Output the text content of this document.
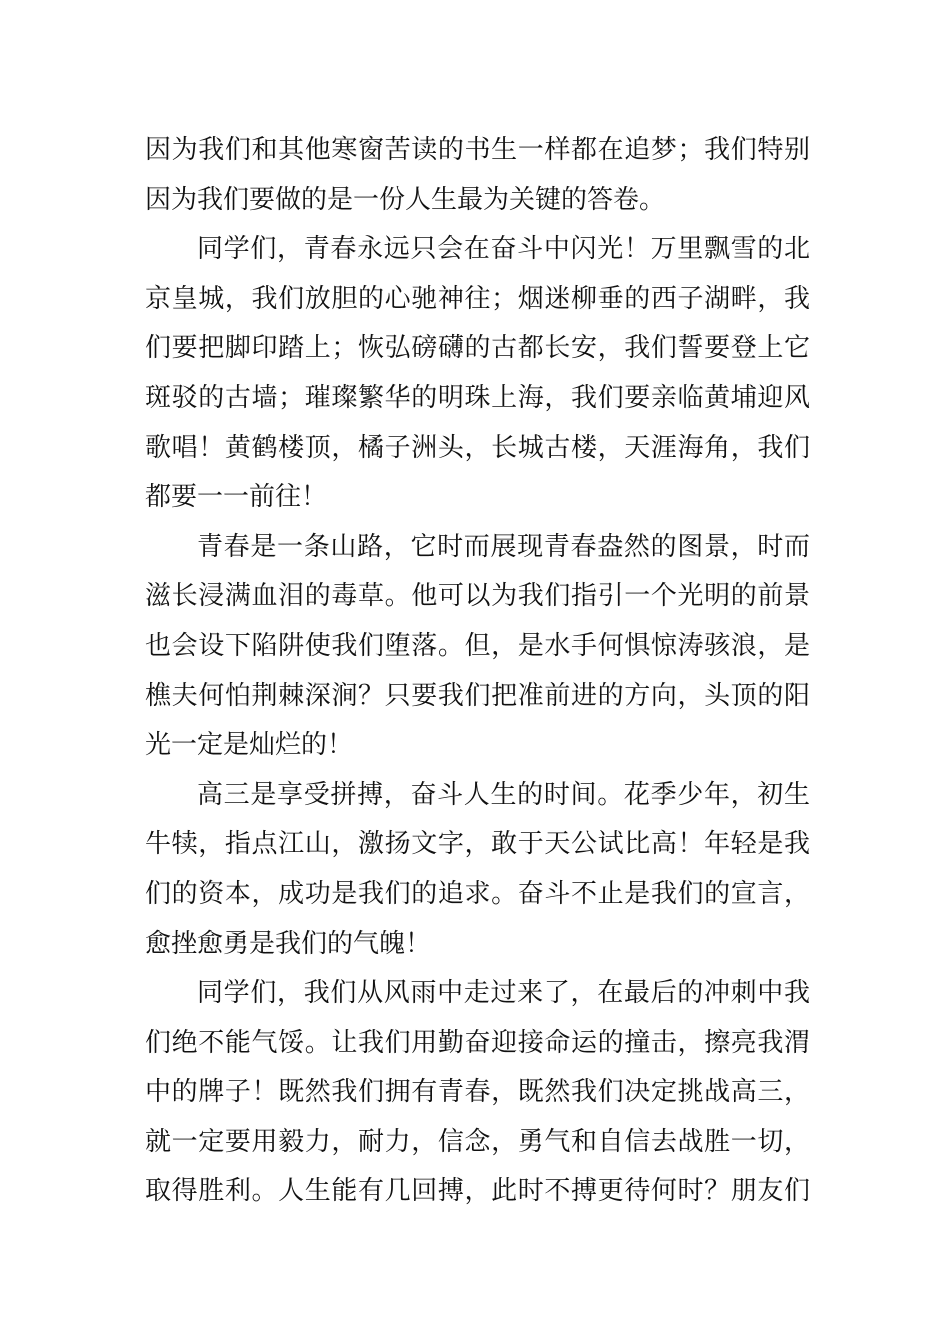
因为我们和其他寒窗苦读的书生一样都在追梦；我们特别
因为我们要做的是一份人生最为关键的答卷。
同学们，青春永远只会在奋斗中闪光！万里飘雪的北
京皇城，我们放胆的心驰神往；烟迷柳垂的西子湖畔，我
们要把脚印踏上；恢弘磅礴的古都长安，我们誓要登上它
斑驳的古墙；璀璨繁华的明珠上海，我们要亲临黄埔迎风
歌唱！黄鹤楼顶，橘子洲头，长城古楼，天涯海角，我们
都要一一前往！
青春是一条山路，它时而展现青春盎然的图景，时而
滋长浸满血泪的毒草。他可以为我们指引一个光明的前景
也会设下陷阱使我们堕落。但，是水手何惧惊涛骇浪，是
樵夫何怕荆棘深涧？只要我们把准前进的方向，头顶的阳
光一定是灿烂的！
高三是享受拼搏，奋斗人生的时间。花季少年，初生
牛犊，指点江山，激扬文字，敢于天公试比高！年轻是我
们的资本，成功是我们的追求。奋斗不止是我们的宣言，
愈挫愈勇是我们的气魄！
同学们，我们从风雨中走过来了，在最后的冲刺中我
们绝不能气馁。让我们用勤奋迎接命运的撞击，擦亮我渭
中的牌子！既然我们拥有青春，既然我们决定挑战高三，
就一定要用毅力，耐力，信念，勇气和自信去战胜一切，
取得胜利。人生能有几回搏，此时不搏更待何时？朋友们
